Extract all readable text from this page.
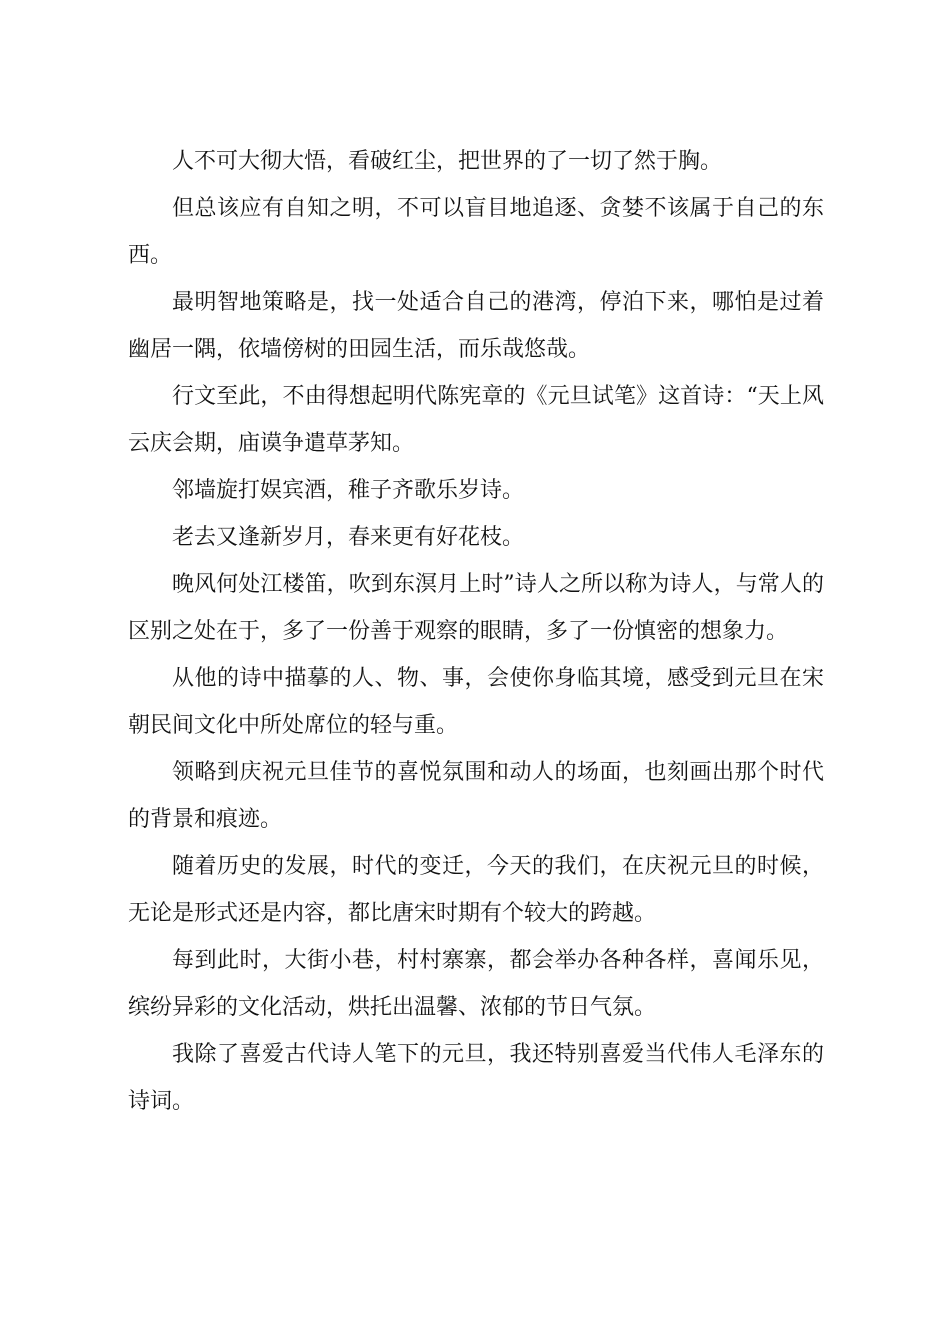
人不可大彻大悟，看破红尘，把世界的了一切了然于胸。

但总该应有自知之明，不可以盲目地追逐、贪婪不该属于自己的东西。

最明智地策略是，找一处适合自己的港湾，停泊下来，哪怕是过着幽居一隅，依墙傍树的田园生活，而乐哉悠哉。

行文至此，不由得想起明代陈宪章的《元旦试笔》这首诗：“天上风云庆会期，庙谟争遣草茅知。

邻墙旋打娱宾酒，稚子齐歌乐岁诗。

老去又逢新岁月，春来更有好花枝。

晚风何处江楼笛，吹到东溟月上时”诗人之所以称为诗人，与常人的区别之处在于，多了一份善于观察的眼睛，多了一份慎密的想象力。

从他的诗中描摹的人、物、事，会使你身临其境，感受到元旦在宋朝民间文化中所处席位的轻与重。

领略到庆祝元旦佳节的喜悦氛围和动人的场面，也刻画出那个时代的背景和痕迹。

随着历史的发展，时代的变迁，今天的我们，在庆祝元旦的时候，无论是形式还是内容，都比唐宋时期有个较大的跨越。

每到此时，大街小巷，村村寨寨，都会举办各种各样，喜闻乐见，缤纷异彩的文化活动，烘托出温馨、浓郁的节日气氛。

我除了喜爱古代诗人笔下的元旦，我还特别喜爱当代伟人毛泽东的诗词。
